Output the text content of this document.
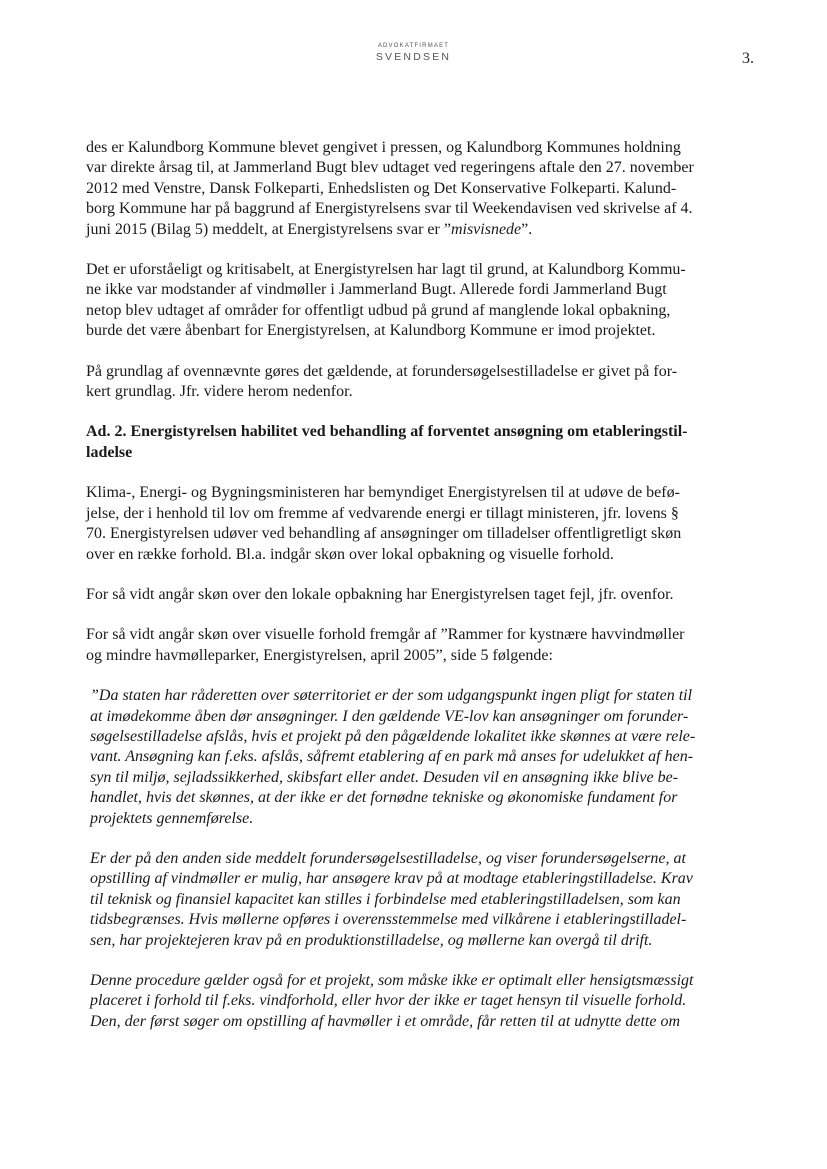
ADVOKATFIRMAET
SVENDSEN	3.

des er Kalundborg Kommune blevet gengivet i pressen, og Kalundborg Kommunes holdning
var direkte årsag til, at Jammerland Bugt blev udtaget ved regeringens aftale den 27. november
2012 med Venstre, Dansk Folkeparti, Enhedslisten og Det Konservative Folkeparti. Kalund-
borg Kommune har på baggrund af Energistyrelsens svar til Weekendavisen ved skrivelse af 4.
juni 2015 (Bilag 5) meddelt, at Energistyrelsens svar er ”misvisnede”.

Det er uforståeligt og kritisabelt, at Energistyrelsen har lagt til grund, at Kalundborg Kommu-
ne ikke var modstander af vindmøller i Jammerland Bugt. Allerede fordi Jammerland Bugt
netop blev udtaget af områder for offentligt udbud på grund af manglende lokal opbakning,
burde det være åbenbart for Energistyrelsen, at Kalundborg Kommune er imod projektet.

På grundlag af ovennævnte gøres det gældende, at forundersøgelsestilladelse er givet på for-
kert grundlag. Jfr. videre herom nedenfor.

Ad. 2. Energistyrelsen habilitet ved behandling af forventet ansøgning om etableringstil-
ladelse

Klima-, Energi- og Bygningsministeren har bemyndiget Energistyrelsen til at udøve de befø-
jelse, der i henhold til lov om fremme af vedvarende energi er tillagt ministeren, jfr. lovens §
70. Energistyrelsen udøver ved behandling af ansøgninger om tilladelser offentligretligt skøn
over en række forhold. Bl.a. indgår skøn over lokal opbakning og visuelle forhold.

For så vidt angår skøn over den lokale opbakning har Energistyrelsen taget fejl, jfr. ovenfor.

For så vidt angår skøn over visuelle forhold fremgår af ”Rammer for kystnære havvindmøller
og mindre havmølleparker, Energistyrelsen, april 2005”, side 5 følgende:

”Da staten har råderetten over søterritoriet er der som udgangspunkt ingen pligt for staten til
at imødekomme åben dør ansøgninger. I den gældende VE-lov kan ansøgninger om forunder-
søgelsestilladelse afslås, hvis et projekt på den pågældende lokalitet ikke skønnes at være rele-
vant. Ansøgning kan f.eks. afslås, såfremt etablering af en park må anses for udelukket af hen-
syn til miljø, sejladssikkerhed, skibsfart eller andet. Desuden vil en ansøgning ikke blive be-
handlet, hvis det skønnes, at der ikke er det fornødne tekniske og økonomiske fundament for
projektets gennemførelse.

Er der på den anden side meddelt forundersøgelsestilladelse, og viser forundersøgelserne, at
opstilling af vindmøller er mulig, har ansøgere krav på at modtage etableringstilladelse. Krav
til teknisk og finansiel kapacitet kan stilles i forbindelse med etableringstilladelsen, som kan
tidsbegrænses. Hvis møllerne opføres i overensstemmelse med vilkårene i etableringstilladel-
sen, har projektejeren krav på en produktionstilladelse, og møllerne kan overgå til drift.

Denne procedure gælder også for et projekt, som måske ikke er optimalt eller hensigtsmæssigt
placeret i forhold til f.eks. vindforhold, eller hvor der ikke er taget hensyn til visuelle forhold.
Den, der først søger om opstilling af havmøller i et område, får retten til at udnytte dette om
